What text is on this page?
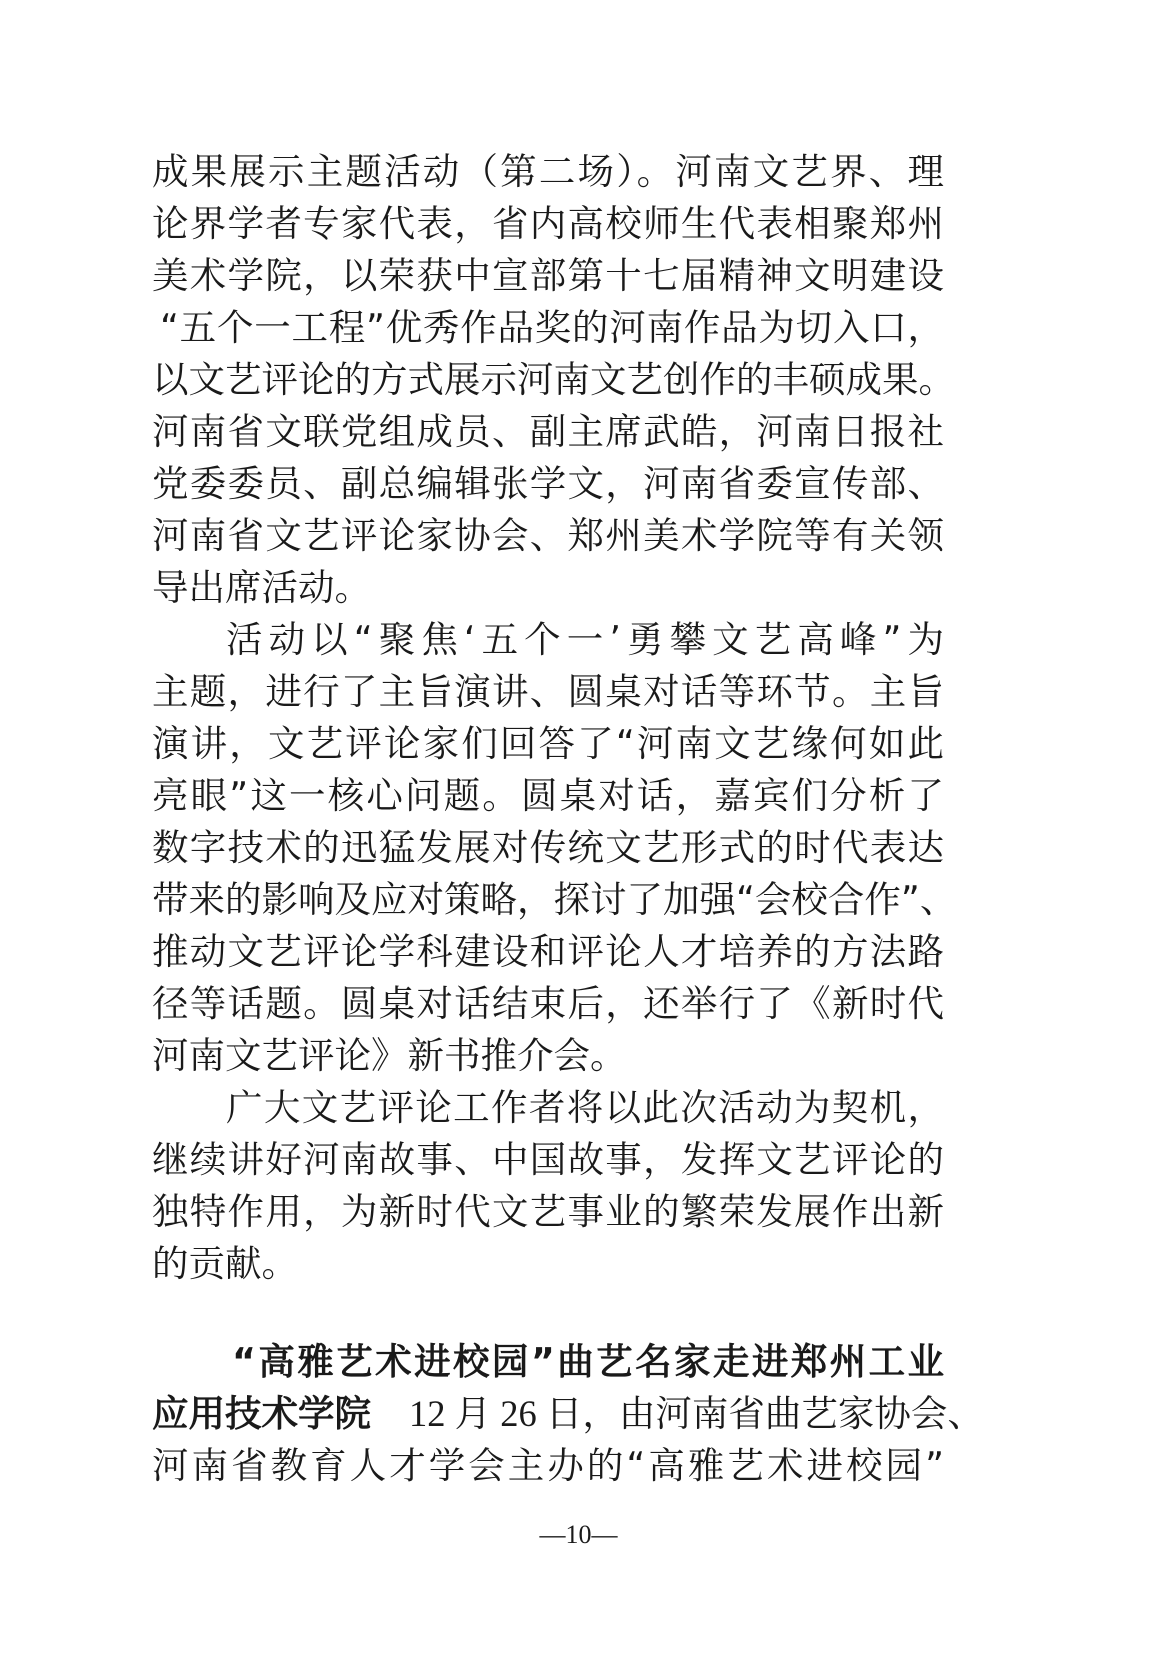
成果展示主题活动（第二场）。河南文艺界、理
论界学者专家代表，省内高校师生代表相聚郑州
美术学院，以荣获中宣部第十七届精神文明建设
“五个一工程”优秀作品奖的河南作品为切入口，
以文艺评论的方式展示河南文艺创作的丰硕成果。
河南省文联党组成员、副主席武皓，河南日报社
党委委员、副总编辑张学文，河南省委宣传部、
河南省文艺评论家协会、郑州美术学院等有关领
导出席活动。
活动以“聚焦‘五个一’勇攀文艺高峰”为
主题，进行了主旨演讲、圆桌对话等环节。主旨
演讲，文艺评论家们回答了“河南文艺缘何如此
亮眼”这一核心问题。圆桌对话，嘉宾们分析了
数字技术的迅猛发展对传统文艺形式的时代表达
带来的影响及应对策略，探讨了加强“会校合作”、
推动文艺评论学科建设和评论人才培养的方法路
径等话题。圆桌对话结束后，还举行了《新时代
河南文艺评论》新书推介会。
广大文艺评论工作者将以此次活动为契机，
继续讲好河南故事、中国故事，发挥文艺评论的
独特作用，为新时代文艺事业的繁荣发展作出新
的贡献。
“高雅艺术进校园”曲艺名家走进郑州工业
应用技术学院 12 月 26 日，由河南省曲艺家协会、
河南省教育人才学会主办的“高雅艺术进校园”
—10—
